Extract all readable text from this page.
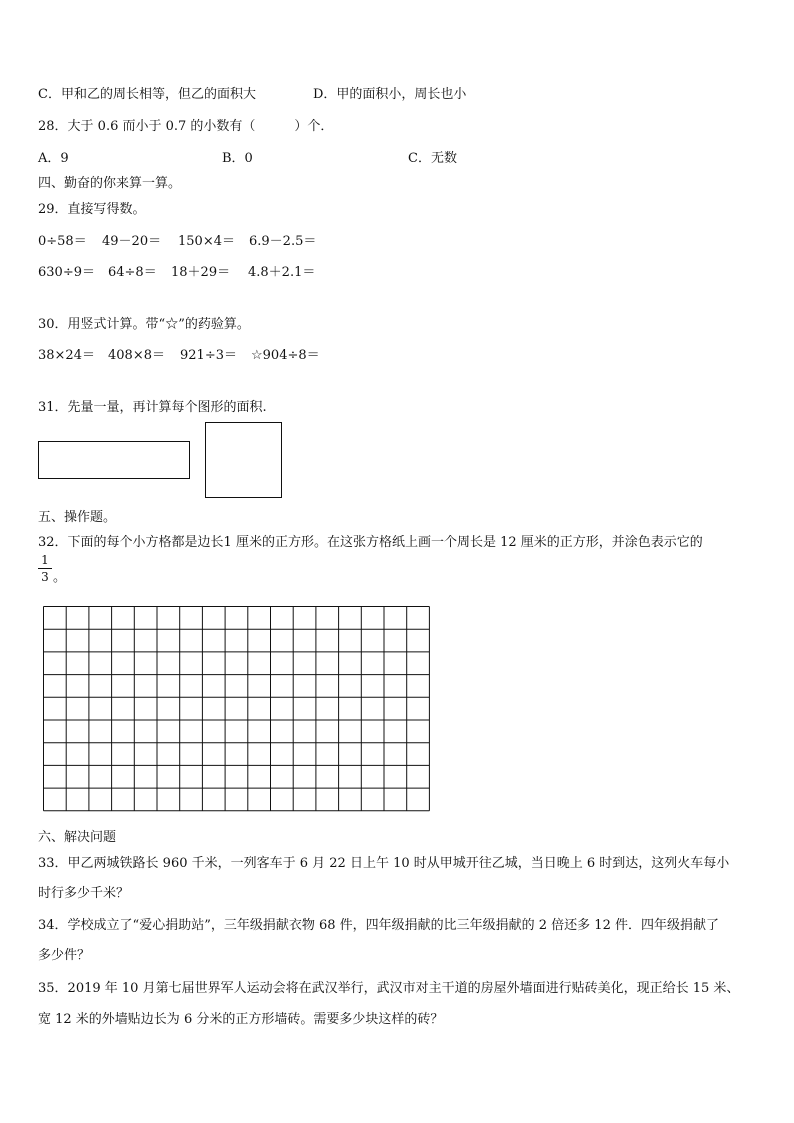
C．甲和乙的周长相等，但乙的面积大	D．甲的面积小，周长也小
28．大于 0.6 而小于 0.7 的小数有（　　　）个．
A．9	B．0	C．无数
四、勤奋的你来算一算。
29．直接写得数。
0÷58＝ 49－20＝ 150×4＝ 6.9－2.5＝
630÷9＝ 64÷8＝ 18＋29＝ 4.8＋2.1＝
30．用竖式计算。带“☆”的药验算。
38×24＝ 408×8＝ 921÷3＝ ☆904÷8＝
31．先量一量，再计算每个图形的面积.
五、操作题。
32．下面的每个小方格都是边长1 厘米的正方形。在这张方格纸上画一个周长是 12 厘米的正方形，并涂色表示它的
1
3 。
六、解决问题
33．甲乙两城铁路长 960 千米，一列客车于 6 月 22 日上午 10 时从甲城开往乙城，当日晚上 6 时到达，这列火车每小
时行多少千米？
34．学校成立了“爱心捐助站”，三年级捐献衣物 68 件，四年级捐献的比三年级捐献的 2 倍还多 12 件．四年级捐献了
多少件？
35．2019 年 10 月第七届世界军人运动会将在武汉举行，武汉市对主干道的房屋外墙面进行贴砖美化，现正给长 15 米、
宽 12 米的外墙贴边长为 6 分米的正方形墙砖。需要多少块这样的砖？
